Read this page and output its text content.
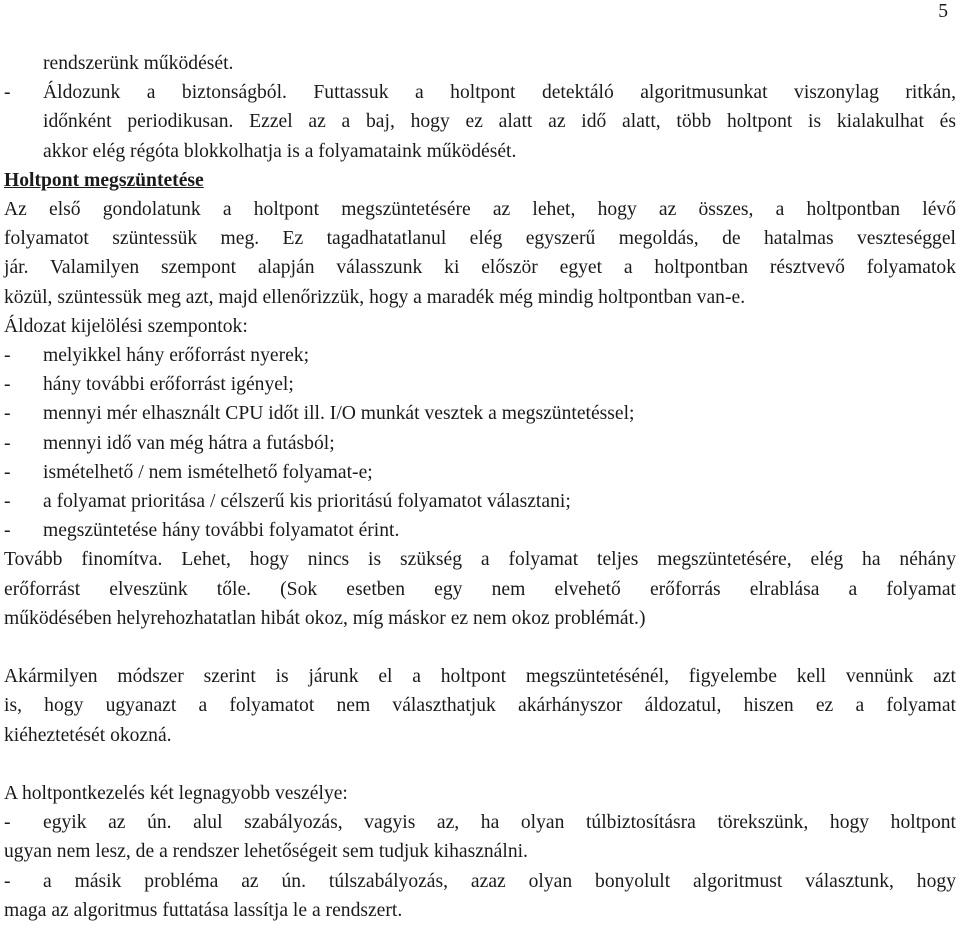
5
rendszerünk működését.
-	Áldozunk a biztonságból. Futtassuk a holtpont detektáló algoritmusunkat viszonylag ritkán,
időnként periodikusan. Ezzel az a baj, hogy ez alatt az idő alatt, több holtpont is kialakulhat és
akkor elég régóta blokkolhatja is a folyamataink működését.
Holtpont megszüntetése
Az első gondolatunk a holtpont megszüntetésére az lehet, hogy az összes, a holtpontban lévő
folyamatot szüntessük meg. Ez tagadhatatlanul elég egyszerű megoldás, de hatalmas veszteséggel
jár. Valamilyen szempont alapján válasszunk ki először egyet a holtpontban résztvevő folyamatok
közül, szüntessük meg azt, majd ellenőrizzük, hogy a maradék még mindig holtpontban van-e.
Áldozat kijelölési szempontok:
-	melyikkel hány erőforrást nyerek;
-	hány további erőforrást igényel;
-	mennyi mér elhasznált CPU időt ill. I/O munkát vesztek a megszüntetéssel;
-	mennyi idő van még hátra a futásból;
-	ismételhető / nem ismételhető folyamat-e;
-	a folyamat prioritása / célszerű kis prioritású folyamatot választani;
-	megszüntetése hány további folyamatot érint.
Tovább finomítva. Lehet, hogy nincs is szükség a folyamat teljes megszüntetésére, elég ha néhány
erőforrást elveszünk tőle. (Sok esetben egy nem elvehető erőforrás elrablása a folyamat
működésében helyrehozhatatlan hibát okoz, míg máskor ez nem okoz problémát.)
Akármilyen módszer szerint is járunk el a holtpont megszüntetésénél, figyelembe kell vennünk azt
is, hogy ugyanazt a folyamatot nem választhatjuk akárhányszor áldozatul, hiszen ez a folyamat
kiéheztetését okozná.
A holtpontkezelés két legnagyobb veszélye:
-	egyik az ún. alul szabályozás, vagyis az, ha olyan túlbiztosításra törekszünk, hogy holtpont
ugyan nem lesz, de a rendszer lehetőségeit sem tudjuk kihasználni.
-	a másik probléma az ún. túlszabályozás, azaz olyan bonyolult algoritmust választunk, hogy
maga az algoritmus futtatása lassítja le a rendszert.
